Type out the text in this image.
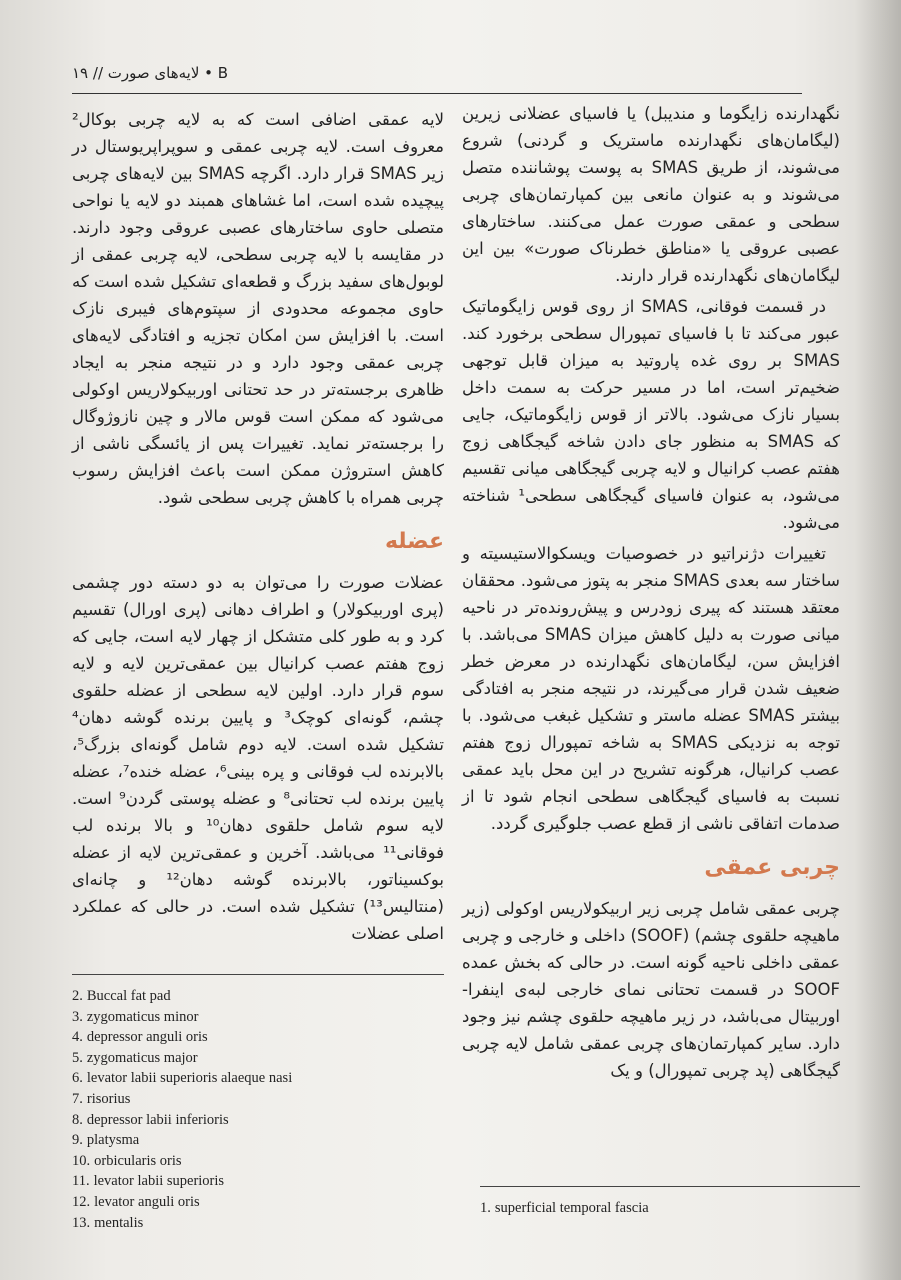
B • لایه‌های صورت // ۱۹

نگهدارنده زایگوما و مندیبل) یا فاسیای عضلانی زیرین (لیگامان‌های نگهدارنده ماستریک و گردنی) شروع می‌شوند، از طریق SMAS به پوست پوشاننده متصل می‌شوند و به عنوان مانعی بین کمپارتمان‌های چربی سطحی و عمقی صورت عمل می‌کنند. ساختارهای عصبی عروقی یا «مناطق خطرناک صورت» بین این لیگامان‌های نگهدارنده قرار دارند.

در قسمت فوقانی، SMAS از روی قوس زایگوماتیک عبور می‌کند تا با فاسیای تمپورال سطحی برخورد کند. SMAS بر روی غده پاروتید به میزان قابل توجهی ضخیم‌تر است، اما در مسیر حرکت به سمت داخل بسیار نازک می‌شود. بالاتر از قوس زایگوماتیک، جایی که SMAS به منظور جای دادن شاخه گیجگاهی زوج هفتم عصب کرانیال و لایه چربی گیجگاهی میانی تقسیم می‌شود، به عنوان فاسیای گیجگاهی سطحی¹ شناخته می‌شود.

تغییرات دژنراتیو در خصوصیات ویسکوالاستیسیته و ساختار سه بعدی SMAS منجر به پتوز می‌شود. محققان معتقد هستند که پیری زودرس و پیش‌رونده‌تر در ناحیه میانی صورت به دلیل کاهش میزان SMAS می‌باشد. با افزایش سن، لیگامان‌های نگهدارنده در معرض خطر ضعیف شدن قرار می‌گیرند، در نتیجه منجر به افتادگی بیشتر SMAS عضله ماستر و تشکیل غبغب می‌شود. با توجه به نزدیکی SMAS به شاخه تمپورال زوج هفتم عصب کرانیال، هرگونه تشریح در این محل باید عمقی نسبت به فاسیای گیجگاهی سطحی انجام شود تا از صدمات اتفاقی ناشی از قطع عصب جلوگیری گردد.

چربی عمقی

چربی عمقی شامل چربی زیر اربیکولاریس اوکولی (زیر ماهیچه حلقوی چشم) (SOOF) داخلی و خارجی و چربی عمقی داخلی ناحیه گونه است. در حالی که بخش عمده SOOF در قسمت تحتانی نمای خارجی لبه‌ی اینفرا-اوربیتال می‌باشد، در زیر ماهیچه حلقوی چشم نیز وجود دارد. سایر کمپارتمان‌های چربی عمقی شامل لایه چربی گیجگاهی (پد چربی تمپورال) و یک

لایه عمقی اضافی است که به لایه چربی بوکال² معروف است. لایه چربی عمقی و سوپراپریوستال در زیر SMAS قرار دارد. اگرچه SMAS بین لایه‌های چربی پیچیده شده است، اما غشاهای همبند دو لایه یا نواحی متصلی حاوی ساختارهای عصبی عروقی وجود دارند. در مقایسه با لایه چربی سطحی، لایه چربی عمقی از لوبول‌های سفید بزرگ و قطعه‌ای تشکیل شده است که حاوی مجموعه محدودی از سپتوم‌های فیبری نازک است. با افزایش سن امکان تجزیه و افتادگی لایه‌های چربی عمقی وجود دارد و در نتیجه منجر به ایجاد ظاهری برجسته‌تر در حد تحتانی اوربیکولاریس اوکولی می‌شود که ممکن است قوس مالار و چین نازوژوگال را برجسته‌تر نماید. تغییرات پس از یائسگی ناشی از کاهش استروژن ممکن است باعث افزایش رسوب چربی همراه با کاهش چربی سطحی شود.

عضله

عضلات صورت را می‌توان به دو دسته دور چشمی (پری اوربیکولار) و اطراف دهانی (پری اورال) تقسیم کرد و به طور کلی متشکل از چهار لایه است، جایی که زوج هفتم عصب کرانیال بین عمقی‌ترین لایه و لایه سوم قرار دارد. اولین لایه سطحی از عضله حلقوی چشم، گونه‌ای کوچک³ و پایین برنده گوشه دهان⁴ تشکیل شده است. لایه دوم شامل گونه‌ای بزرگ⁵، بالابرنده لب فوقانی و پره بینی⁶، عضله خنده⁷، عضله پایین برنده لب تحتانی⁸ و عضله پوستی گردن⁹ است. لایه سوم شامل حلقوی دهان¹⁰ و بالا برنده لب فوقانی¹¹ می‌باشد. آخرین و عمقی‌ترین لایه از عضله بوکسیناتور، بالابرنده گوشه دهان¹² و چانه‌ای (منتالیس¹³) تشکیل شده است. در حالی که عملکرد اصلی عضلات

2. Buccal fat pad
3. zygomaticus minor
4. depressor anguli oris
5. zygomaticus major
6. levator labii superioris alaeque nasi
7. risorius
8. depressor labii inferioris
9. platysma
10. orbicularis oris
11. levator labii superioris
12. levator anguli oris
13. mentalis
1. superficial temporal fascia
